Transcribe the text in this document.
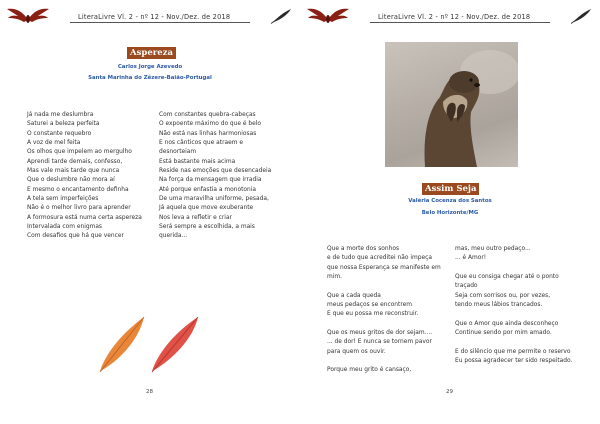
LiteraLivre Vl. 2 - nº 12 - Nov./Dez. de 2018
Aspereza
Carlos Jorge Azevedo
Santa Marinha do Zêzere-Baião-Portugal
Já nada me deslumbra
Saturei a beleza perfeita
O constante requebro
A voz de mel feita
Os olhos que impelem ao mergulho
Aprendi tarde demais, confesso,
Mas vale mais tarde que nunca
Que o deslumbre não mora aí
E mesmo o encantamento definha
A tela sem imperfeições
Não é o melhor livro para aprender
A formosura está numa certa aspereza
Intervalada com enigmas
Com desafios que há que vencer
Com constantes quebra-cabeças
O expoente máximo do que é belo
Não está nas linhas harmoniosas
E nos cânticos que atraem e
desnorteiam
Está bastante mais acima
Reside nas emoções que desencadeia
Na força da mensagem que irradia
Até porque enfastia a monotonia
De uma maravilha uniforme, pesada,
Já aquela que move exuberante
Nos leva a refletir e criar
Será sempre a escolhida, a mais
querida...
28
LiteraLivre Vl. 2 - nº 12 - Nov./Dez. de 2018
Assim Seja
Valéria Cocenza dos Santos
Belo Horizonte/MG
Que a morte dos sonhos
e de tudo que acreditei não impeça
que nossa Esperança se manifeste em
mim.

Que a cada queda
meus pedaços se encontrem
E que eu possa me reconstruir.

Que os meus gritos de dor sejam....
... de dor! E nunca se tornem pavor
para quem os ouvir.

Porque meu grito é cansaço,
mas, meu outro pedaço...
... é Amor!

Que eu consiga chegar até o ponto
traçado
Seja com sorrisos ou, por vezes,
tendo meus lábios trancados.

Que o Amor que ainda desconheço
Continue sendo por mim amado.

E do silêncio que me permite o reservo
Eu possa agradecer ter sido respeitado.
29
